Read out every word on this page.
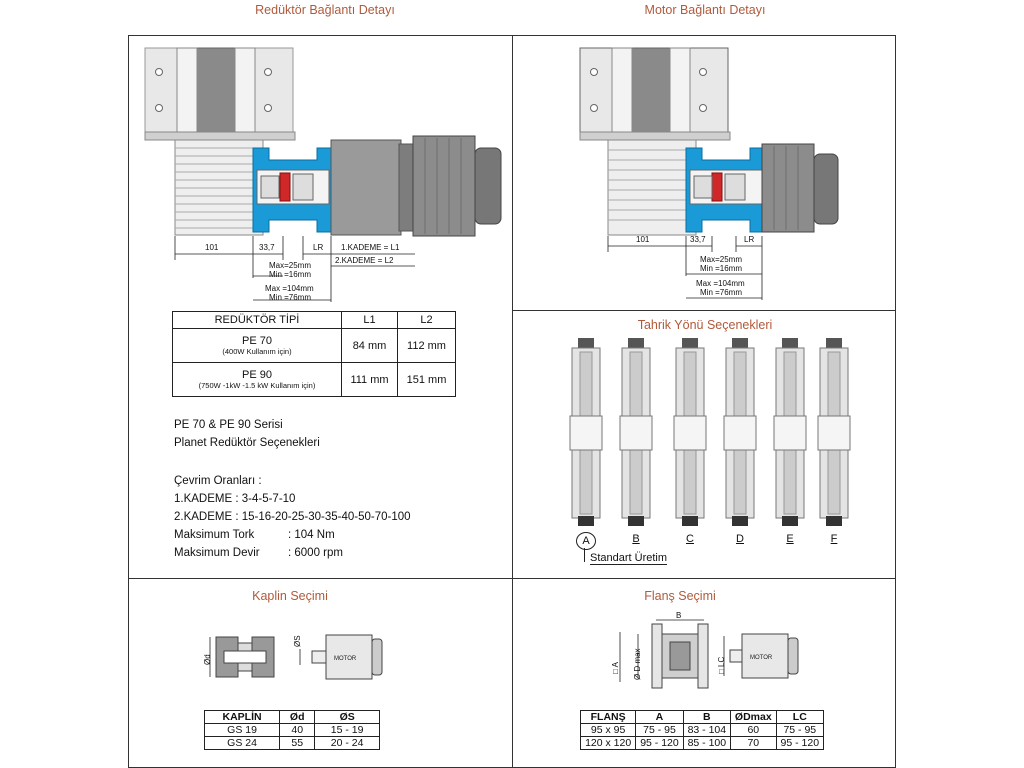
Redüktör Bağlantı Detayı	Motor Bağlantı Detayı
Tahrik Yönü Seçenekleri
Kaplin Seçimi	Flanş Seçimi
101	33,7	LR 1.KADEME = L1
2.KADEME = L2
Max=25mm
Min =16mm
Max =104mm
Min =76mm
REDÜKTÖR TİPİ	L1	L2
PE 70
(400W Kullanım için)	84 mm	112 mm
PE 90
(750W -1kW -1.5 kW Kullanım için)	111 mm	151 mm
PE 70 & PE 90 Serisi
Planet Redüktör Seçenekleri
Çevrim Oranları :
1.KADEME : 3-4-5-7-10
2.KADEME : 15-16-20-25-30-35-40-50-70-100
Maksimum Tork	: 104 Nm
Maksimum Devir : 6000 rpm
101	33,7	LR
Max=25mm
Min =16mm
Max =104mm
Min =76mm
A	B	C	D	E	F
Standart Üretim
Ød
ØS
MOTOR
KAPLİN	Ød	ØS
GS 19	40	15 - 19
GS 24	55	20 - 24
B
□ A Ø D max	□ LC	MOTOR
FLANŞ	A	B	ØDmax	LC
95 x 95	75 - 95	83 - 104	60	75 - 95
120 x 120	95 - 120	85 - 100	70	95 - 120
